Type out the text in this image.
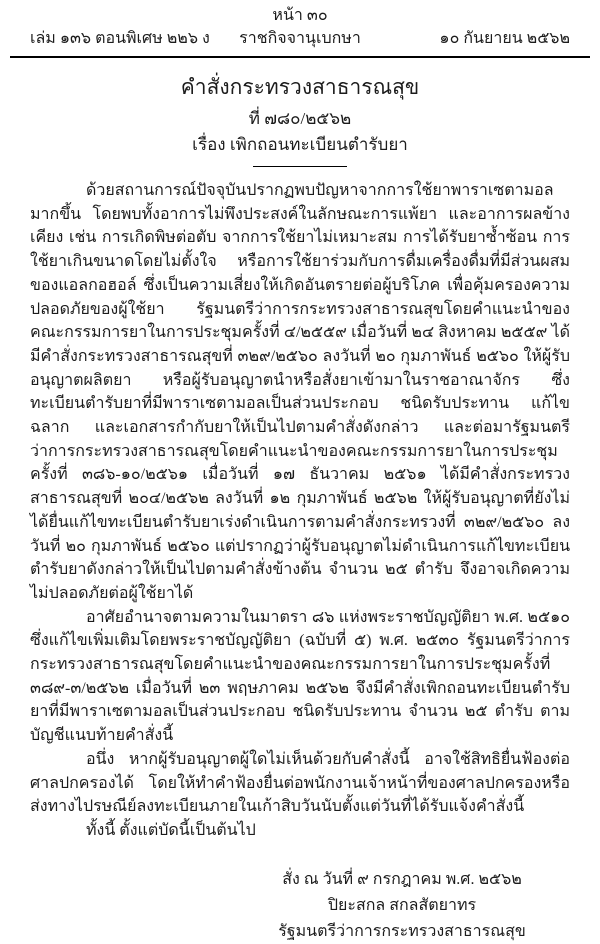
หน้า ๓๐
เล่ม ๑๓๖ ตอนพิเศษ ๒๒๖ ง	ราชกิจจานุเบกษา	๑๐ กันยายน ๒๕๖๒
คำสั่งกระทรวงสาธารณสุข
ที่ ๗๘๐/๒๕๖๒
เรื่อง เพิกถอนทะเบียนตำรับยา

ด้วยสถานการณ์ปัจจุบันปรากฏพบปัญหาจากการใช้ยาพาราเซตามอลมากขึ้น โดยพบทั้งอาการไม่พึงประสงค์ในลักษณะการแพ้ยา และอาการผลข้างเคียง เช่น การเกิดพิษต่อตับ จากการใช้ยาไม่เหมาะสม การได้รับยาซ้ำซ้อน การใช้ยาเกินขนาดโดยไม่ตั้งใจ หรือการใช้ยาร่วมกับการดื่มเครื่องดื่มที่มีส่วนผสมของแอลกอฮอล์ ซึ่งเป็นความเสี่ยงให้เกิดอันตรายต่อผู้บริโภค เพื่อคุ้มครองความปลอดภัยของผู้ใช้ยา รัฐมนตรีว่าการกระทรวงสาธารณสุขโดยคำแนะนำของคณะกรรมการยาในการประชุมครั้งที่ ๔/๒๕๕๙ เมื่อวันที่ ๒๔ สิงหาคม ๒๕๕๙ ได้มีคำสั่งกระทรวงสาธารณสุขที่ ๓๒๙/๒๕๖๐ ลงวันที่ ๒๐ กุมภาพันธ์ ๒๕๖๐ ให้ผู้รับอนุญาตผลิตยา หรือผู้รับอนุญาตนำหรือสั่งยาเข้ามาในราชอาณาจักร ซึ่งทะเบียนตำรับยาที่มีพาราเซตามอลเป็นส่วนประกอบ ชนิดรับประทาน แก้ไขฉลาก และเอกสารกำกับยาให้เป็นไปตามคำสั่งดังกล่าว และต่อมารัฐมนตรีว่าการกระทรวงสาธารณสุขโดยคำแนะนำของคณะกรรมการยาในการประชุมครั้งที่ ๓๘๖-๑๐/๒๕๖๑ เมื่อวันที่ ๑๗ ธันวาคม ๒๕๖๑ ได้มีคำสั่งกระทรวงสาธารณสุขที่ ๒๐๔/๒๕๖๒ ลงวันที่ ๑๒ กุมภาพันธ์ ๒๕๖๒ ให้ผู้รับอนุญาตที่ยังไม่ได้ยื่นแก้ไขทะเบียนตำรับยาเร่งดำเนินการตามคำสั่งกระทรวงที่ ๓๒๙/๒๕๖๐ ลงวันที่ ๒๐ กุมภาพันธ์ ๒๕๖๐ แต่ปรากฏว่าผู้รับอนุญาตไม่ดำเนินการแก้ไขทะเบียนตำรับยาดังกล่าวให้เป็นไปตามคำสั่งข้างต้น จำนวน ๒๕ ตำรับ จึงอาจเกิดความไม่ปลอดภัยต่อผู้ใช้ยาได้

อาศัยอำนาจตามความในมาตรา ๘๖ แห่งพระราชบัญญัติยา พ.ศ. ๒๕๑๐ ซึ่งแก้ไขเพิ่มเติมโดยพระราชบัญญัติยา (ฉบับที่ ๕) พ.ศ. ๒๕๓๐ รัฐมนตรีว่าการกระทรวงสาธารณสุขโดยคำแนะนำของคณะกรรมการยาในการประชุมครั้งที่ ๓๘๙-๓/๒๕๖๒ เมื่อวันที่ ๒๓ พฤษภาคม ๒๕๖๒ จึงมีคำสั่งเพิกถอนทะเบียนตำรับยาที่มีพาราเซตามอลเป็นส่วนประกอบ ชนิดรับประทาน จำนวน ๒๕ ตำรับ ตามบัญชีแนบท้ายคำสั่งนี้

อนึ่ง หากผู้รับอนุญาตผู้ใดไม่เห็นด้วยกับคำสั่งนี้ อาจใช้สิทธิยื่นฟ้องต่อศาลปกครองได้ โดยให้ทำคำฟ้องยื่นต่อพนักงานเจ้าหน้าที่ของศาลปกครองหรือส่งทางไปรษณีย์ลงทะเบียนภายในเก้าสิบวันนับตั้งแต่วันที่ได้รับแจ้งคำสั่งนี้

ทั้งนี้ ตั้งแต่บัดนี้เป็นต้นไป

สั่ง ณ วันที่ ๙ กรกฎาคม พ.ศ. ๒๕๖๒

ปิยะสกล สกลสัตยาทร

รัฐมนตรีว่าการกระทรวงสาธารณสุข
